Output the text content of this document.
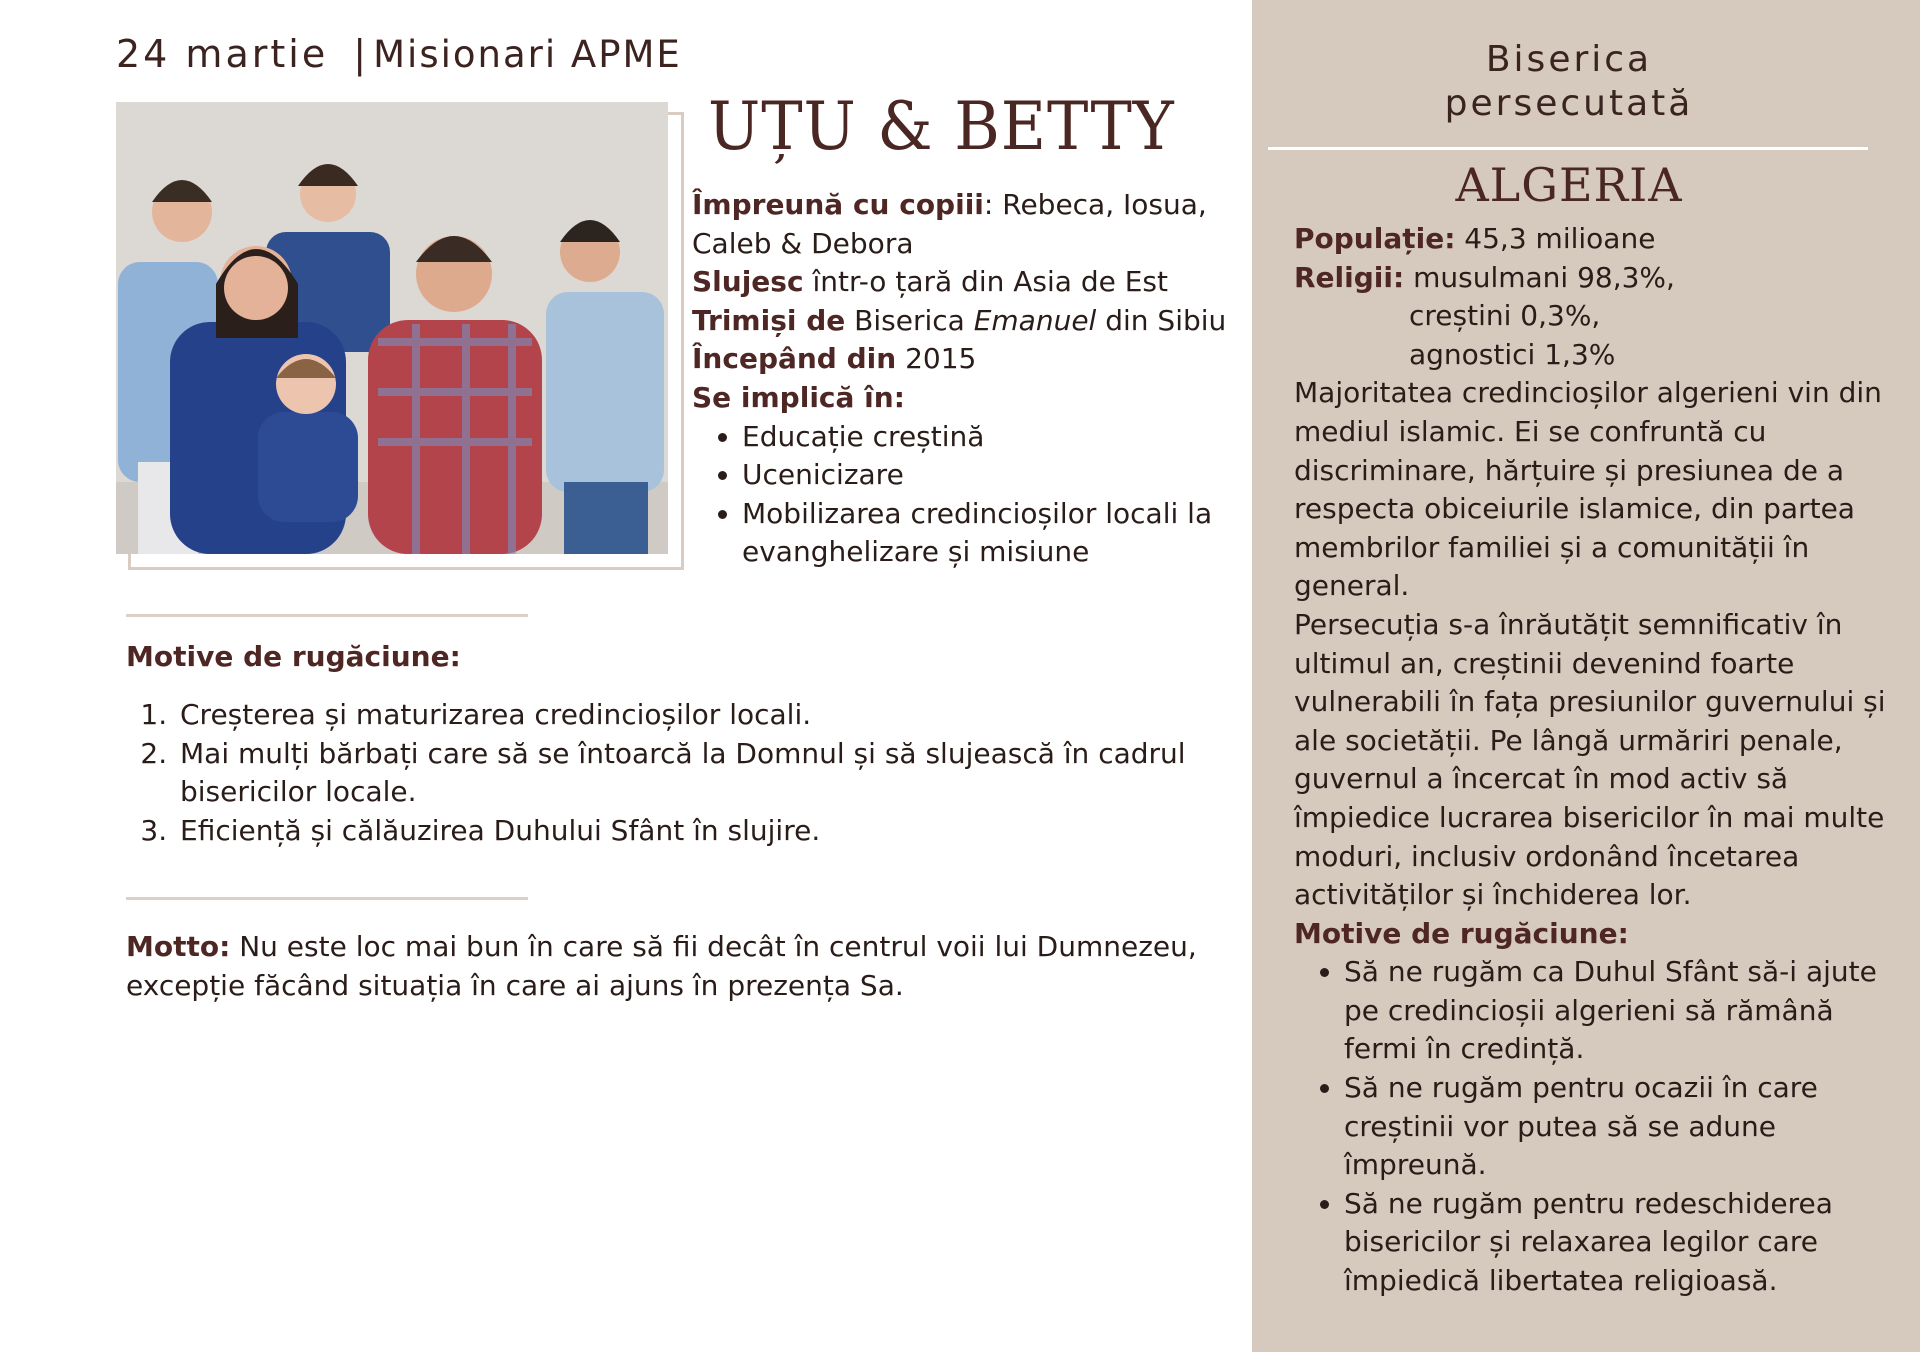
24 martie | Misionari APME
UȚU & BETTY

Împreună cu copiii: Rebeca, Iosua, Caleb & Debora

Slujesc într-o țară din Asia de Est

Trimiși de Biserica Emanuel din Sibiu

Începând din 2015

Se implică în:

• Educație creștină
• Ucenicizare
• Mobilizarea credincioșilor locali la evanghelizare și misiune
Motive de rugăciune:
1. Creșterea și maturizarea credincioșilor locali.
2. Mai mulți bărbați care să se întoarcă la Domnul și să slujească în cadrul bisericilor locale.
3. Eficiență și călăuzirea Duhului Sfânt în slujire.

Motto: Nu este loc mai bun în care să fii decât în centrul voii lui Dumnezeu, excepție făcând situația în care ai ajuns în prezența Sa.

Biserica
persecutată
ALGERIA

Populație: 45,3 milioane

Religii: musulmani 98,3%,

creștini 0,3%,

agnostici 1,3%

Majoritatea credincioșilor algerieni vin din mediul islamic. Ei se confruntă cu discriminare, hărțuire și presiunea de a respecta obiceiurile islamice, din partea membrilor familiei și a comunității în general.

Persecuția s-a înrăutățit semnificativ în ultimul an, creștinii devenind foarte vulnerabili în fața presiunilor guvernului și ale societății. Pe lângă urmăriri penale, guvernul a încercat în mod activ să împiedice lucrarea bisericilor în mai multe moduri, inclusiv ordonând încetarea activităților și închiderea lor.

Motive de rugăciune:

• Să ne rugăm ca Duhul Sfânt să-i ajute pe credincioșii algerieni să rămână fermi în credință.
• Să ne rugăm pentru ocazii în care creștinii vor putea să se adune împreună.
• Să ne rugăm pentru redeschiderea bisericilor și relaxarea legilor care împiedică libertatea religioasă.
